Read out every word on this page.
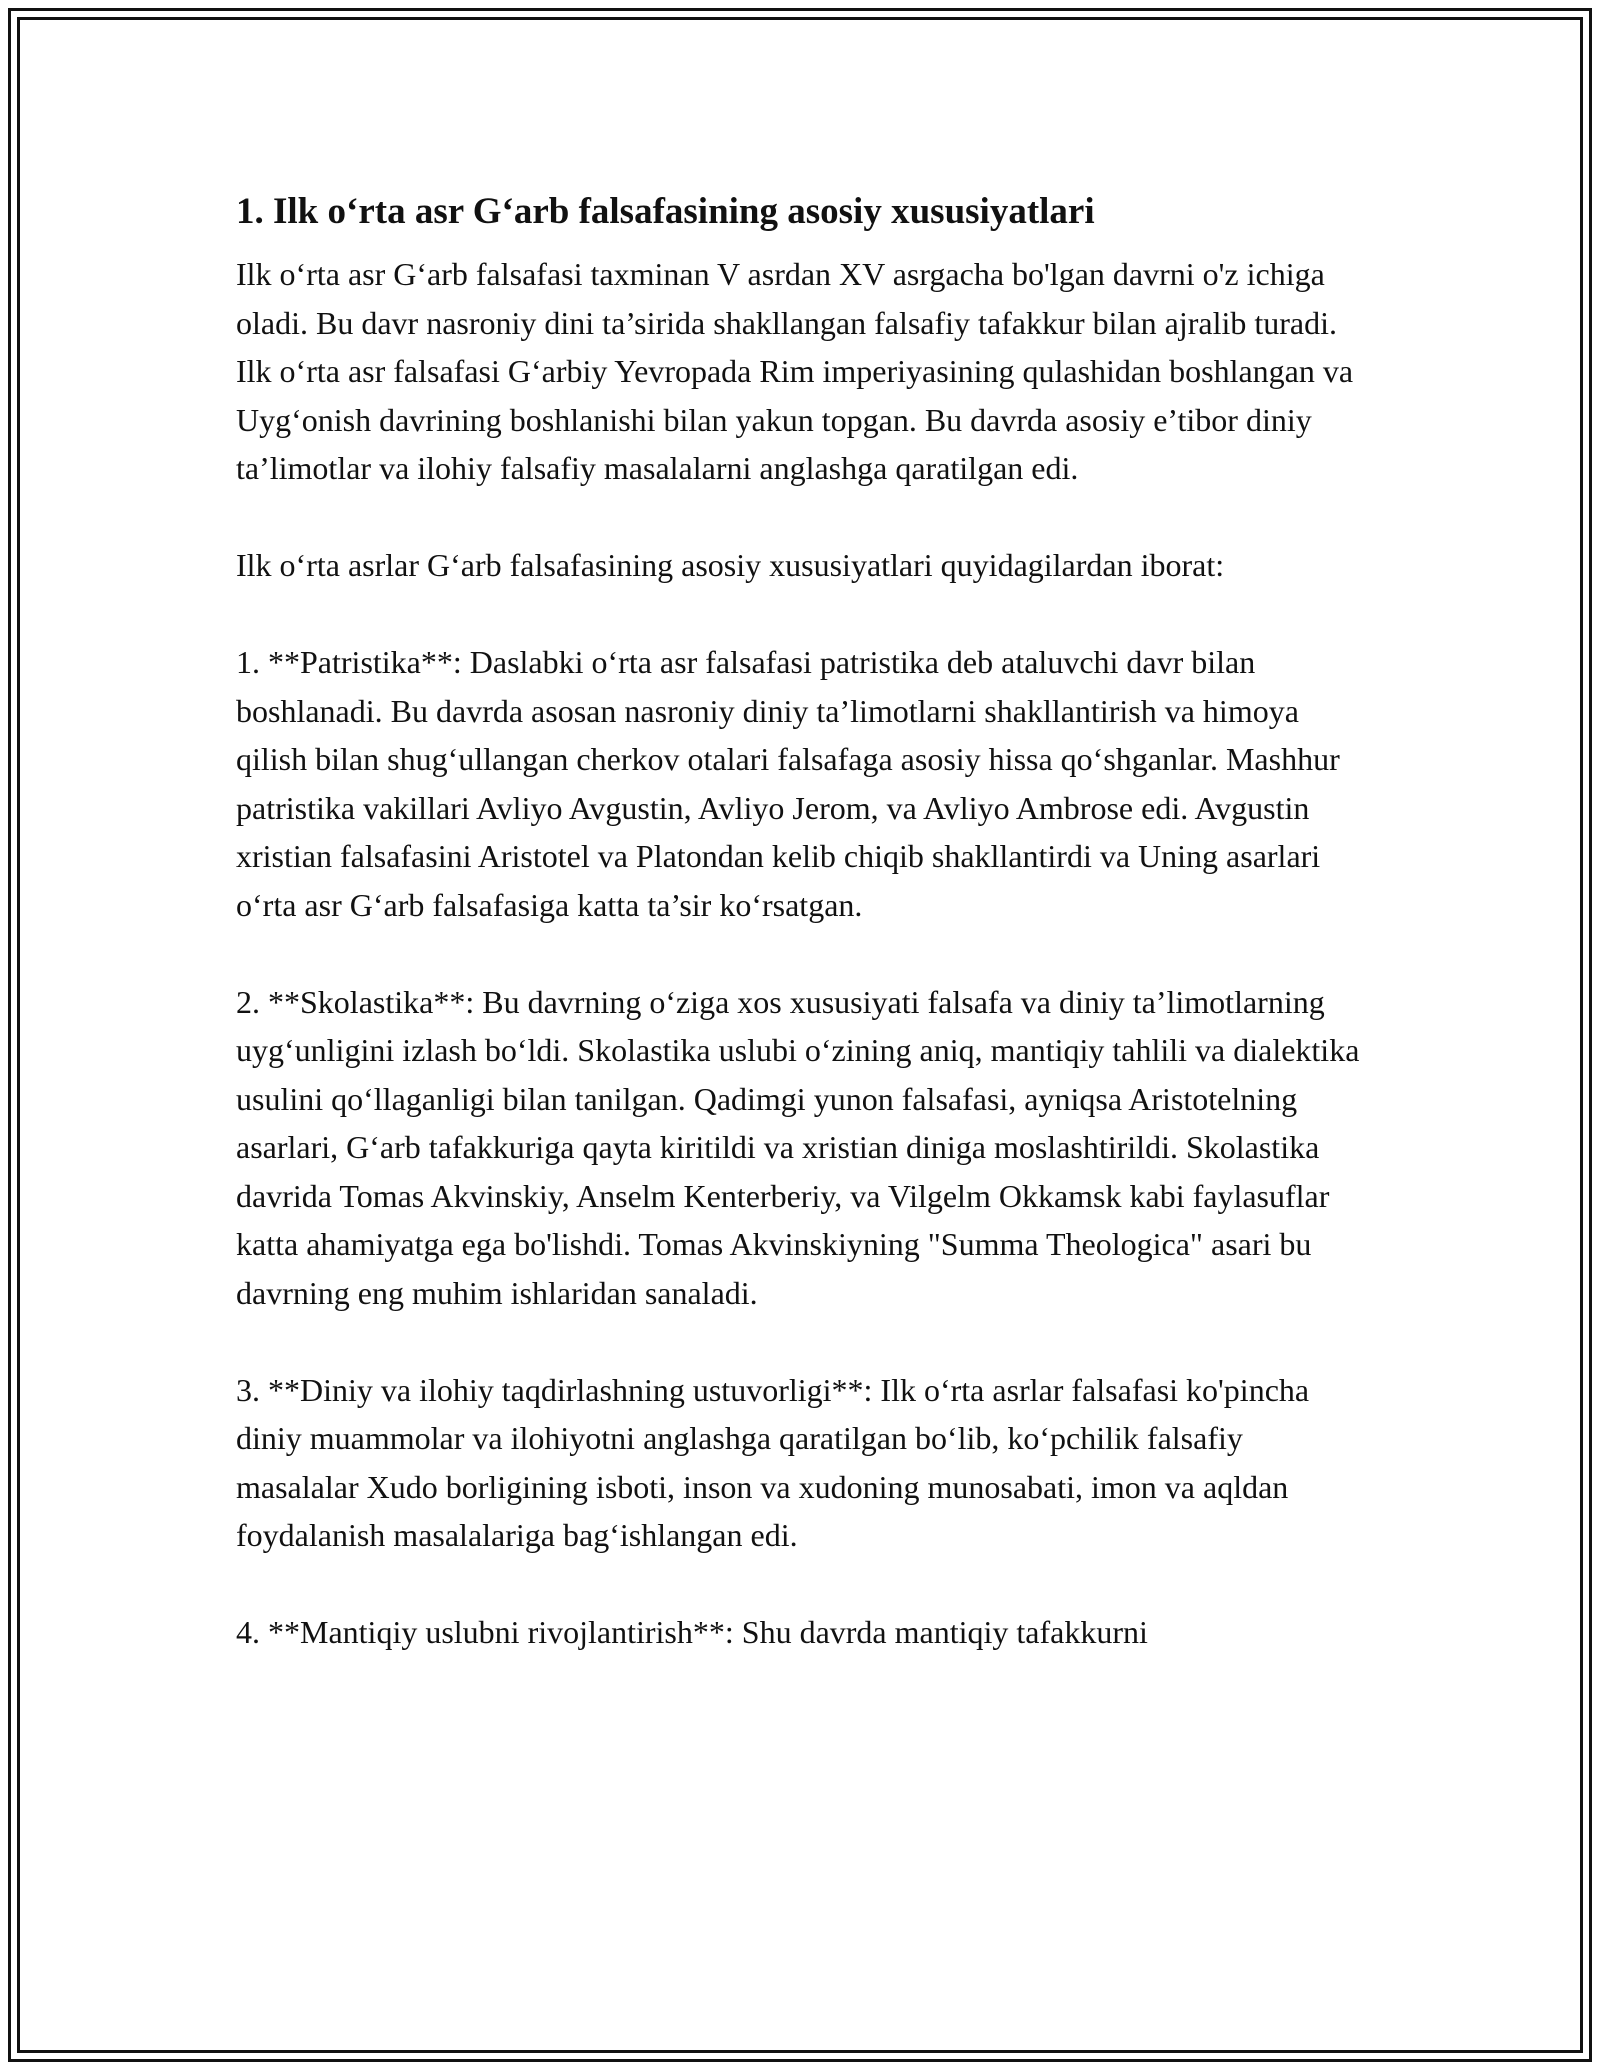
1. Ilk o‘rta asr G‘arb falsafasining asosiy xususiyatlari

Ilk o‘rta asr G‘arb falsafasi taxminan V asrdan XV asrgacha bo'lgan davrni o'z ichiga oladi. Bu davr nasroniy dini ta’sirida shakllangan falsafiy tafakkur bilan ajralib turadi. Ilk o‘rta asr falsafasi G‘arbiy Yevropada Rim imperiyasining qulashidan boshlangan va Uyg‘onish davrining boshlanishi bilan yakun topgan. Bu davrda asosiy e’tibor diniy ta’limotlar va ilohiy falsafiy masalalarni anglashga qaratilgan edi.

Ilk o‘rta asrlar G‘arb falsafasining asosiy xususiyatlari quyidagilardan iborat:

1. **Patristika**: Daslabki o‘rta asr falsafasi patristika deb ataluvchi davr bilan boshlanadi. Bu davrda asosan nasroniy diniy ta’limotlarni shakllantirish va himoya qilish bilan shug‘ullangan cherkov otalari falsafaga asosiy hissa qo‘shganlar. Mashhur patristika vakillari Avliyo Avgustin, Avliyo Jerom, va Avliyo Ambrose edi. Avgustin xristian falsafasini Aristotel va Platondan kelib chiqib shakllantirdi va Uning asarlari o‘rta asr G‘arb falsafasiga katta ta’sir ko‘rsatgan.

2. **Skolastika**: Bu davrning o‘ziga xos xususiyati falsafa va diniy ta’limotlarning uyg‘unligini izlash bo‘ldi. Skolastika uslubi o‘zining aniq, mantiqiy tahlili va dialektika usulini qo‘llaganligi bilan tanilgan. Qadimgi yunon falsafasi, ayniqsa Aristotelning asarlari, G‘arb tafakkuriga qayta kiritildi va xristian diniga moslashtirildi. Skolastika davrida Tomas Akvinskiy, Anselm Kenterberiy, va Vilgelm Okkamsk kabi faylasuflar katta ahamiyatga ega bo'lishdi. Tomas Akvinskiyning "Summa Theologica" asari bu davrning eng muhim ishlaridan sanaladi.

3. **Diniy va ilohiy taqdirlashning ustuvorligi**: Ilk o‘rta asrlar falsafasi ko'pincha diniy muammolar va ilohiyotni anglashga qaratilgan bo‘lib, ko‘pchilik falsafiy masalalar Xudo borligining isboti, inson va xudoning munosabati, imon va aqldan foydalanish masalalariga bag‘ishlangan edi.

4. **Mantiqiy uslubni rivojlantirish**: Shu davrda mantiqiy tafakkurni
